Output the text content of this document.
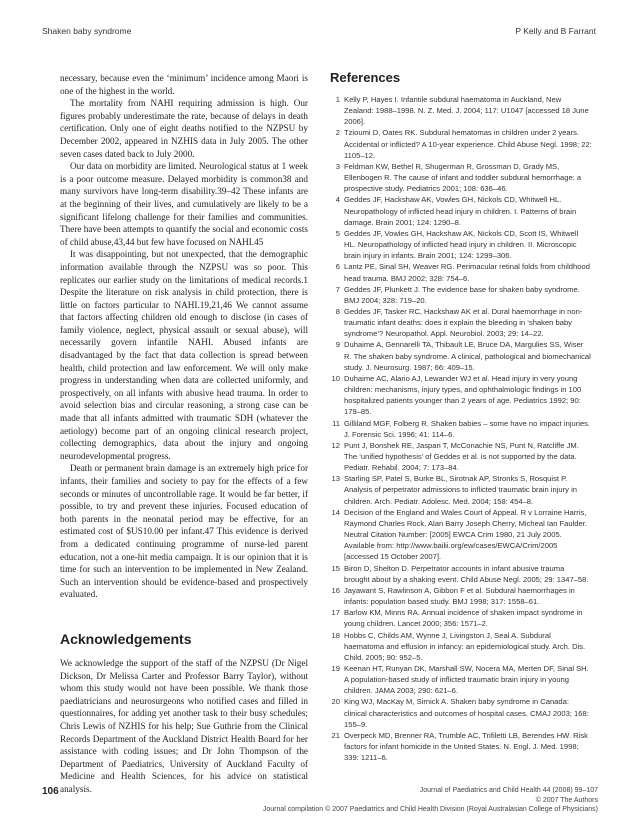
Shaken baby syndrome	P Kelly and B Farrant

necessary, because even the ‘minimum’ incidence among Maori is one of the highest in the world.

The mortality from NAHI requiring admission is high. Our figures probably underestimate the rate, because of delays in death certification. Only one of eight deaths notified to the NZPSU by December 2002, appeared in NZHIS data in July 2005. The other seven cases dated back to July 2000.

Our data on morbidity are limited. Neurological status at 1 week is a poor outcome measure. Delayed morbidity is common38 and many survivors have long-term disability.39–42 These infants are at the beginning of their lives, and cumulatively are likely to be a significant lifelong challenge for their families and communities. There have been attempts to quantify the social and economic costs of child abuse,43,44 but few have focused on NAHI.45

It was disappointing, but not unexpected, that the demographic information available through the NZPSU was so poor. This replicates our earlier study on the limitations of medical records.1 Despite the literature on risk analysis in child protection, there is little on factors particular to NAHI.19,21,46 We cannot assume that factors affecting children old enough to disclose (in cases of family violence, neglect, physical assault or sexual abuse), will necessarily govern infantile NAHI. Abused infants are disadvantaged by the fact that data collection is spread between health, child protection and law enforcement. We will only make progress in understanding when data are collected uniformly, and prospectively, on all infants with abusive head trauma. In order to avoid selection bias and circular reasoning, a strong case can be made that all infants admitted with traumatic SDH (whatever the aetiology) become part of an ongoing clinical research project, collecting demographics, data about the injury and ongoing neurodevelopmental progress.

Death or permanent brain damage is an extremely high price for infants, their families and society to pay for the effects of a few seconds or minutes of uncontrollable rage. It would be far better, if possible, to try and prevent these injuries. Focused education of both parents in the neonatal period may be effective, for an estimated cost of $US10.00 per infant.47 This evidence is derived from a dedicated continuing programme of nurse-led parent education, not a one-hit media campaign. It is our opinion that it is time for such an intervention to be implemented in New Zealand. Such an intervention should be evidence-based and prospectively evaluated.

Acknowledgements

We acknowledge the support of the staff of the NZPSU (Dr Nigel Dickson, Dr Melissa Carter and Professor Barry Taylor), without whom this study would not have been possible. We thank those paediatricians and neurosurgeons who notified cases and filled in questionnaires, for adding yet another task to their busy schedules; Chris Lewis of NZHIS for his help; Sue Guthrie from the Clinical Records Department of the Auckland District Health Board for her assistance with coding issues; and Dr John Thompson of the Department of Paediatrics, University of Auckland Faculty of Medicine and Health Sciences, for his advice on statistical analysis.

References
1 Kelly P, Hayes I. Infantile subdural haematoma in Auckland, New Zealand: 1988–1998. N. Z. Med. J. 2004; 117: U1047 [accessed 18 June 2006].
2 Tzioumi D, Oates RK. Subdural hematomas in children under 2 years. Accidental or inflicted? A 10-year experience. Child Abuse Negl. 1998; 22: 1105–12.
3 Feldman KW, Bethel R, Shugerman R, Grossman D, Grady MS, Ellenbogen R. The cause of infant and toddler subdural hemorrhage: a prospective study. Pediatrics 2001; 108: 636–46.
4 Geddes JF, Hackshaw AK, Vowles GH, Nickols CD, Whitwell HL. Neuropathology of inflicted head injury in children. I. Patterns of brain damage. Brain 2001; 124: 1290–8.
5 Geddes JF, Vowles GH, Hackshaw AK, Nickols CD, Scott IS, Whitwell HL. Neuropathology of inflicted head injury in children. II. Microscopic brain injury in infants. Brain 2001; 124: 1299–306.
6 Lantz PE, Sinal SH, Weaver RG. Perimacular retinal folds from childhood head trauma. BMJ 2002; 328: 754–6.
7 Geddes JF, Plunkett J. The evidence base for shaken baby syndrome. BMJ 2004; 328: 719–20.
8 Geddes JF, Tasker RC, Hackshaw AK et al. Dural haemorrhage in non-traumatic infant deaths: does it explain the bleeding in ‘shaken baby syndrome’? Neuropathol. Appl. Neurobiol. 2003; 29: 14–22.
9 Duhaime A, Gennarelli TA, Thibault LE, Bruce DA, Margulies SS, Wiser R. The shaken baby syndrome. A clinical, pathological and biomechanical study. J. Neurosurg. 1987; 66: 409–15.
10 Duhaime AC, Alario AJ, Lewander WJ et al. Head injury in very young children: mechanisms, injury types, and ophthalmologic findings in 100 hospitalized patients younger than 2 years of age. Pediatrics 1992; 90: 179–85.
11 Gilliland MGF, Folberg R. Shaken babies – some have no impact injuries. J. Forensic Sci. 1996; 41: 114–6.
12 Punt J, Bonshek RE, Jaspan T, McConachie NS, Punt N, Ratcliffe JM. The ‘unified hypothesis’ of Geddes et al. is not supported by the data. Pediatr. Rehabil. 2004; 7: 173–84.
13 Starling SP, Patel S, Burke BL, Sirotnak AP, Stronks S, Rosquist P. Analysis of perpetrator admissions to inflicted traumatic brain injury in children. Arch. Pediatr. Adolesc. Med. 2004; 158: 454–8.
14 Decision of the England and Wales Court of Appeal. R v Lorraine Harris, Raymond Charles Rock, Alan Barry Joseph Cherry, Micheal Ian Faulder. Neutral Citation Number: [2005] EWCA Crim 1980, 21 July 2005. Available from: http://www.bailii.org/ew/cases/EWCA/Crim/2005 [accessed 15 October 2007].
15 Biron D, Shelton D. Perpetrator accounts in infant abusive trauma brought about by a shaking event. Child Abuse Negl. 2005; 29: 1347–58.
16 Jayawant S, Rawlinson A, Gibbon F et al. Subdural haemorrhages in infants: population based study. BMJ 1998; 317: 1558–61.
17 Barlow KM, Minns RA. Annual incidence of shaken impact syndrome in young children. Lancet 2000; 356: 1571–2.
18 Hobbs C, Childs AM, Wynne J, Livingston J, Seal A. Subdural haematoma and effusion in infancy: an epidemiological study. Arch. Dis. Child. 2005; 90: 952–5.
19 Keenan HT, Runyan DK, Marshall SW, Nocera MA, Merten DF, Sinal SH. A population-based study of inflicted traumatic brain injury in young children. JAMA 2003; 290: 621–6.
20 King WJ, MacKay M, Sirnick A. Shaken baby syndrome in Canada: clinical characteristics and outcomes of hospital cases. CMAJ 2003; 168: 155–9.
21 Overpeck MD, Brenner RA, Trumble AC, Trifiletti LB, Berendes HW. Risk factors for infant homicide in the United States. N. Engl. J. Med. 1998; 339: 1211–6.
106	Journal of Paediatrics and Child Health 44 (2008) 99–107
© 2007 The Authors
Journal compilation © 2007 Paediatrics and Child Health Division (Royal Australasian College of Physicians)
